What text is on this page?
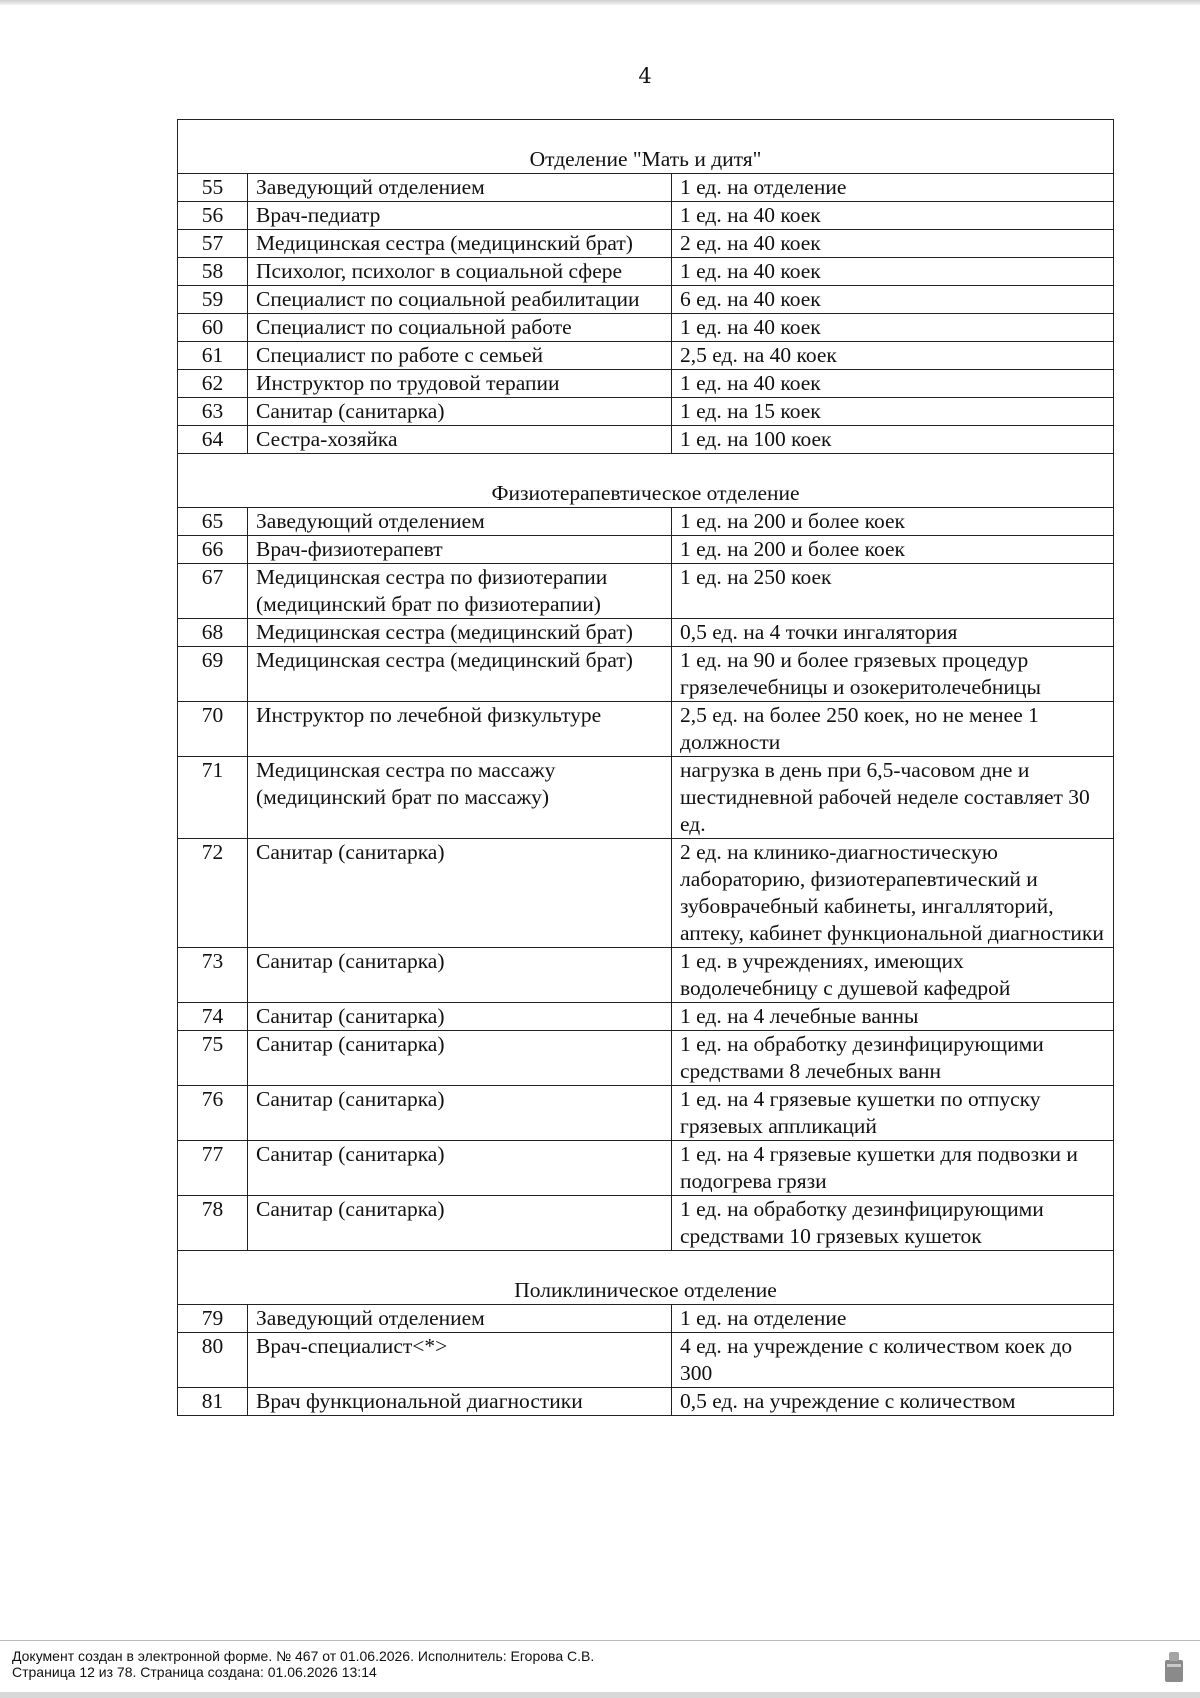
4
Отделение "Мать и дитя"		
55	Заведующий отделением	1 ед. на отделение
56	Врач-педиатр	1 ед. на 40 коек
57	Медицинская сестра (медицинский брат)	2 ед. на 40 коек
58	Психолог, психолог в социальной сфере	1 ед. на 40 коек
59	Специалист по социальной реабилитации	6 ед. на 40 коек
60	Специалист по социальной работе	1 ед. на 40 коек
61	Специалист по работе с семьей	2,5 ед. на 40 коек
62	Инструктор по трудовой терапии	1 ед. на 40 коек
63	Санитар (санитарка)	1 ед. на 15 коек
64	Сестра-хозяйка	1 ед. на 100 коек
Физиотерапевтическое отделение		
65	Заведующий отделением	1 ед. на 200 и более коек
66	Врач-физиотерапевт	1 ед. на 200 и более коек
67	Медицинская сестра по физиотерапии (медицинский брат по физиотерапии)	1 ед. на 250 коек
68	Медицинская сестра (медицинский брат)	0,5 ед. на 4 точки ингалятория
69	Медицинская сестра (медицинский брат)	1 ед. на 90 и более грязевых процедур грязелечебницы и озокеритолечебницы
70	Инструктор по лечебной физкультуре	2,5 ед. на более 250 коек, но не менее 1 должности
71	Медицинская сестра по массажу (медицинский брат по массажу)	нагрузка в день при 6,5-часовом дне и шестидневной рабочей неделе составляет 30 ед.
72	Санитар (санитарка)	2 ед. на клинико-диагностическую лабораторию, физиотерапевтический и зубоврачебный кабинеты, ингалляторий, аптеку, кабинет функциональной диагностики
73	Санитар (санитарка)	1 ед. в учреждениях, имеющих водолечебницу с душевой кафедрой
74	Санитар (санитарка)	1 ед. на 4 лечебные ванны
75	Санитар (санитарка)	1 ед. на обработку дезинфицирующими средствами 8 лечебных ванн
76	Санитар (санитарка)	1 ед. на 4 грязевые кушетки по отпуску грязевых аппликаций
77	Санитар (санитарка)	1 ед. на 4 грязевые кушетки для подвозки и подогрева грязи
78	Санитар (санитарка)	1 ед. на обработку дезинфицирующими средствами 10 грязевых кушеток
Поликлиническое отделение		
79	Заведующий отделением	1 ед. на отделение
80	Врач-специалист<*>	4 ед. на учреждение с количеством коек до 300
81	Врач функциональной диагностики	0,5 ед. на учреждение с количеством
Документ создан в электронной форме. № 467 от 01.06.2026. Исполнитель: Егорова С.В.
Страница 12 из 78. Страница создана: 01.06.2026 13:14
